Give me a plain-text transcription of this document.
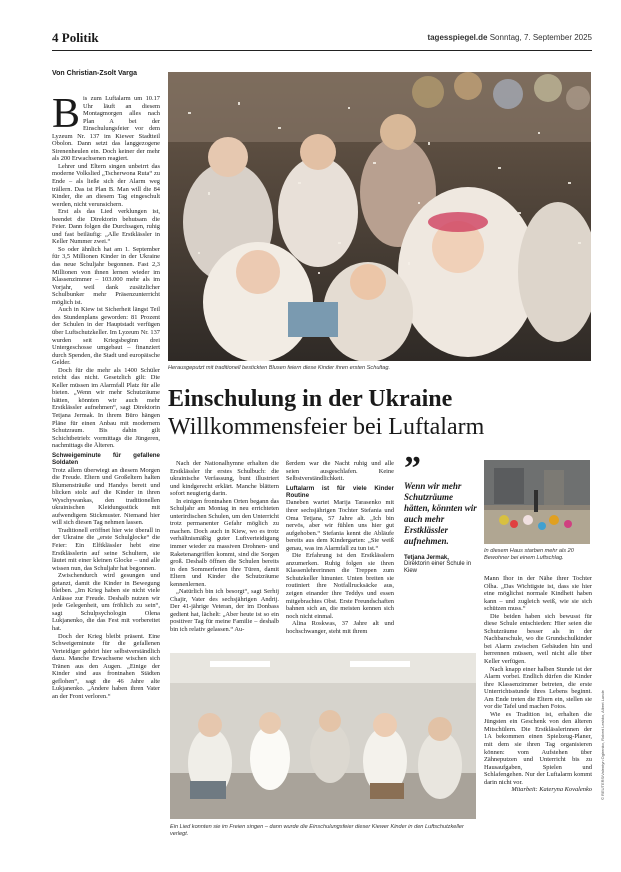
4 Politik	tagesspiegel.de Sonntag, 7. September 2025
Von Christian-Zsolt Varga

Bis zum Luftalarm um 10.17 Uhr läuft an diesem Montagmorgen alles nach Plan A bei der Einschulungsfeier vor dem Lyzeum Nr. 137 im Kiewer Stadtteil Obolon. Dann setzt das langgezogene Sirenenheulen ein. Doch keiner der mehr als 200 Erwachsenen reagiert.

Lehrer und Eltern singen unbeirrt das moderne Volkslied „Tscherwona Ruta“ zu Ende – als ließe sich der Alarm weg trällern. Das ist Plan B. Man will die 84 Kinder, die an diesem Tag eingeschult werden, nicht verunsichern.

Erst als das Lied verklungen ist, beendet die Direktorin behutsam die Feier. Dann folgen die Durchsagen, ruhig und fast beiläufig: „Alle Erstklässler in Keller Nummer zwei.“

So oder ähnlich hat am 1. September für 3,5 Millionen Kinder in der Ukraine das neue Schuljahr begonnen. Fast 2,3 Millionen von ihnen lernen wieder im Klassenzimmer – 103.000 mehr als im Vorjahr, weil dank zusätzlicher Schulbunker mehr Präsenzunterricht möglich ist.

Auch in Kiew ist Sicherheit längst Teil des Stundenplans geworden: 81 Prozent der Schulen in der Hauptstadt verfügen über Luftschutzkeller. Im Lyzeum Nr. 137 wurden seit Kriegsbeginn drei Untergeschosse umgebaut – finanziert durch Spenden, die Stadt und europäische Gelder.

Doch für die mehr als 1400 Schüler reicht das nicht. Gesetzlich gilt: Die Keller müssen im Alarmfall Platz für alle bieten. „Wenn wir mehr Schutzräume hätten, könnten wir auch mehr Erstklässler aufnehmen“, sagt Direktorin Tetjana Jermak. In ihrem Büro hängen Pläne für einen Anbau mit modernem Schutzraum. Bis dahin gilt Schichtbetrieb: vormittags die Jüngeren, nachmittags die Älteren.

Schweigeminute für gefallene Soldaten

Trotz allem überwiegt an diesem Morgen die Freude. Eltern und Großeltern halten Blumensträuße und Handys bereit und blicken stolz auf die Kinder in ihren Wyschywankas, den traditionellen ukrainischen Kleidungsstück mit aufwendigem Stickmuster. Niemand hier will sich diesen Tag nehmen lassen.

Traditionell eröffnet hier wie überall in der Ukraine die „erste Schulglocke“ die Feier: Ein Elftklässler hebt eine Erstklässlerin auf seine Schultern, sie läutet mit einer kleinen Glocke – und alle wissen nun, das Schuljahr hat begonnen.

Zwischendurch wird gesungen und getanzt, damit die Kinder in Bewegung bleiben. „Im Krieg haben sie nicht viele Anlässe zur Freude. Deshalb nutzen wir jede Gelegenheit, um fröhlich zu sein“, sagt Schulpsychologin Olena Lukjanenko, die das Fest mit vorbereitet hat.

Doch der Krieg bleibt präsent. Eine Schweigeminute für die gefallenen Verteidiger gehört hier selbstverständlich dazu. Manche Erwachsene wischen sich Tränen aus den Augen. „Einige der Kinder sind aus frontnahen Städten geflohen“, sagt die 46 Jahre alte Lukjanenko. „Andere haben ihren Vater an der Front verloren.“

Herausgeputzt mit traditionell bestickten Blusen feiern diese Kinder ihren ersten Schultag.
Einschulung in der Ukraine
Willkommensfeier bei Luftalarm

Nach der Nationalhymne erhalten die Erstklässler ihr erstes Schulbuch: die ukrainische Verfassung, bunt illustriert und kindgerecht erklärt. Manche blättern sofort neugierig darin.

In einigen frontnahen Orten begann das Schuljahr am Montag in neu errichteten unterirdischen Schulen, um den Unterricht trotz permanenter Gefahr möglich zu machen. Doch auch in Kiew, wo es trotz verhältnismäßig guter Luftverteidigung immer wieder zu massiven Drohnen- und Raketenangriffen kommt, sind die Sorgen groß. Deshalb öffnen die Schulen bereits in den Sommerferien ihre Türen, damit Eltern und Kinder die Schutzräume kennenlernen.

„Natürlich bin ich besorgt“, sagt Serhij Chajir, Vater des sechsjährigen Andrij. Der 41-jährige Veteran, der im Donbass gedient hat, lächelt: „Aber heute ist so ein positiver Tag für meine Familie – deshalb bin ich relativ gelassen.“ Au-

ßerdem war die Nacht ruhig und alle seien ausgeschlafen. Keine Selbstverständlichkeit.

Luftalarm ist für viele Kinder Routine

Daneben wartet Marija Tarasenko mit ihrer sechsjährigen Tochter Stefania und Oma Tetjana, 57 Jahre alt. „Ich bin nervös, aber wir fühlen uns hier gut aufgehoben.“ Stefania kennt die Abläufe bereits aus dem Kindergarten: „Sie weiß genau, was im Alarmfall zu tun ist.“

Die Erfahrung ist den Erstklässlern anzumerken. Ruhig folgen sie ihren Klassenlehrerinnen die Treppen zum Schutzkeller hinunter. Unten breiten sie routiniert ihre Notfallrucksäcke aus, zeigen einander ihre Teddys und essen mitgebrachtes Obst. Erste Freundschaften bahnen sich an, die meisten kennen sich noch nicht einmal.

Alina Roskwas, 37 Jahre alt und hochschwanger, steht mit ihrem

”
Wenn wir mehr Schutzräume hätten, könnten wir auch mehr Erstklässler aufnehmen.
Tetjana Jermak,
Direktorin einer Schule in Kiew
In diesem Haus starben mehr als 20 Bewohner bei einem Luftschlag.

Mann Ihor in der Nähe ihrer Tochter Olha. „Das Wichtigste ist, dass sie hier eine möglichst normale Kindheit haben kann – und zugleich weiß, wie sie sich schützen muss.“

Die beiden haben sich bewusst für diese Schule entschieden: Hier seien die Schutzräume besser als in der Nachbarschule, wo die Grundschulkinder bei Alarm zwischen Gebäuden hin und herrennen müssen, weil nicht alle über Keller verfügen.

Nach knapp einer halben Stunde ist der Alarm vorbei. Endlich dürfen die Kinder ihre Klassenzimmer betreten, die erste Unterrichtsstunde ihres Lebens beginnt. Am Ende treten die Eltern ein, stellen sie vor die Tafel und machen Fotos.

Wie es Tradition ist, erhalten die Jüngsten ein Geschenk von den älteren Mitschülern. Die Erstklässlerinnen der 1A bekommen einen Spielzeug-Planer, mit dem sie ihren Tag organisieren können: vom Aufstehen über Zähneputzen und Unterricht bis zu Hausaufgaben, Spielen und Schlafengehen. Nur der Luftalarm kommt darin nicht vor.

Mitarbeit: Kateryna Kovalenko

Ein Lied konnten sie im Freien singen – dann wurde die Einschulungsfeier dieser Kiewer Kinder in den Luftschutzkeller verlegt.
© REUTERS/Valentyn Ogirenko, Robert Leshko, Albert Lunde
